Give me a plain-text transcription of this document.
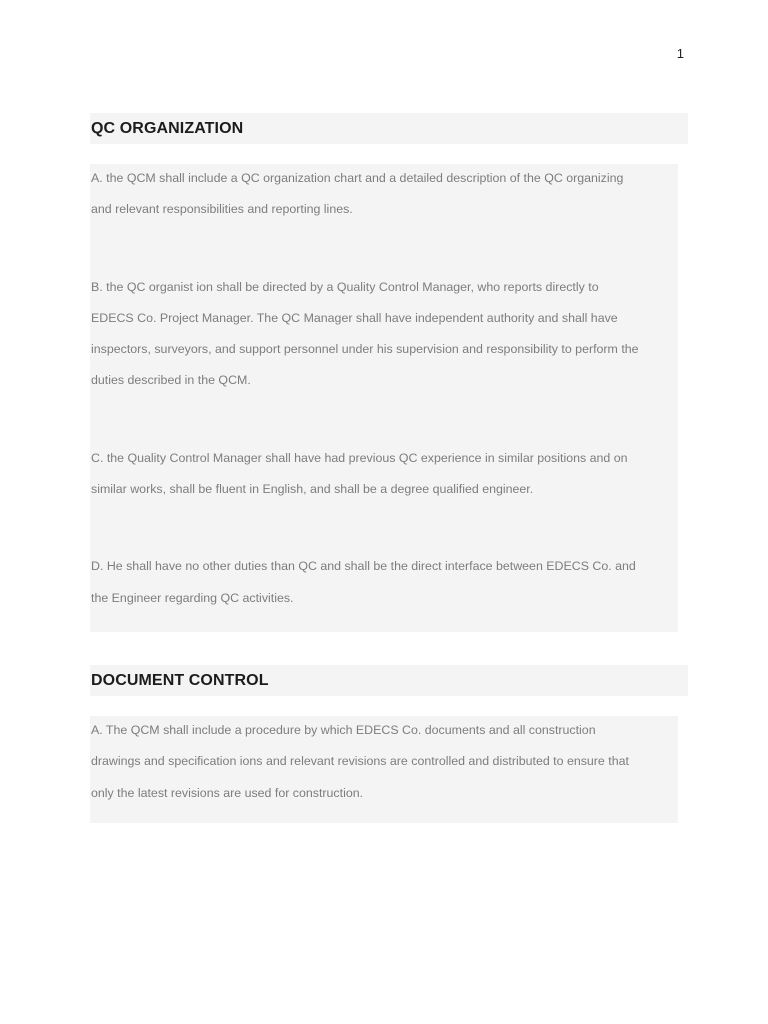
1
QC ORGANIZATION

A. the QCM shall include a QC organization chart and a detailed description of the QC organizing

and relevant responsibilities and reporting lines.

B. the QC organist ion shall be directed by a Quality Control Manager, who reports directly to

EDECS Co. Project Manager. The QC Manager shall have independent authority and shall have

inspectors, surveyors, and support personnel under his supervision and responsibility to perform the

duties described in the QCM.

C. the Quality Control Manager shall have had previous QC experience in similar positions and on

similar works, shall be fluent in English, and shall be a degree qualified engineer.

D. He shall have no other duties than QC and shall be the direct interface between EDECS Co. and

the Engineer regarding QC activities.

DOCUMENT CONTROL

A. The QCM shall include a procedure by which EDECS Co. documents and all construction

drawings and specification ions and relevant revisions are controlled and distributed to ensure that

only the latest revisions are used for construction.
